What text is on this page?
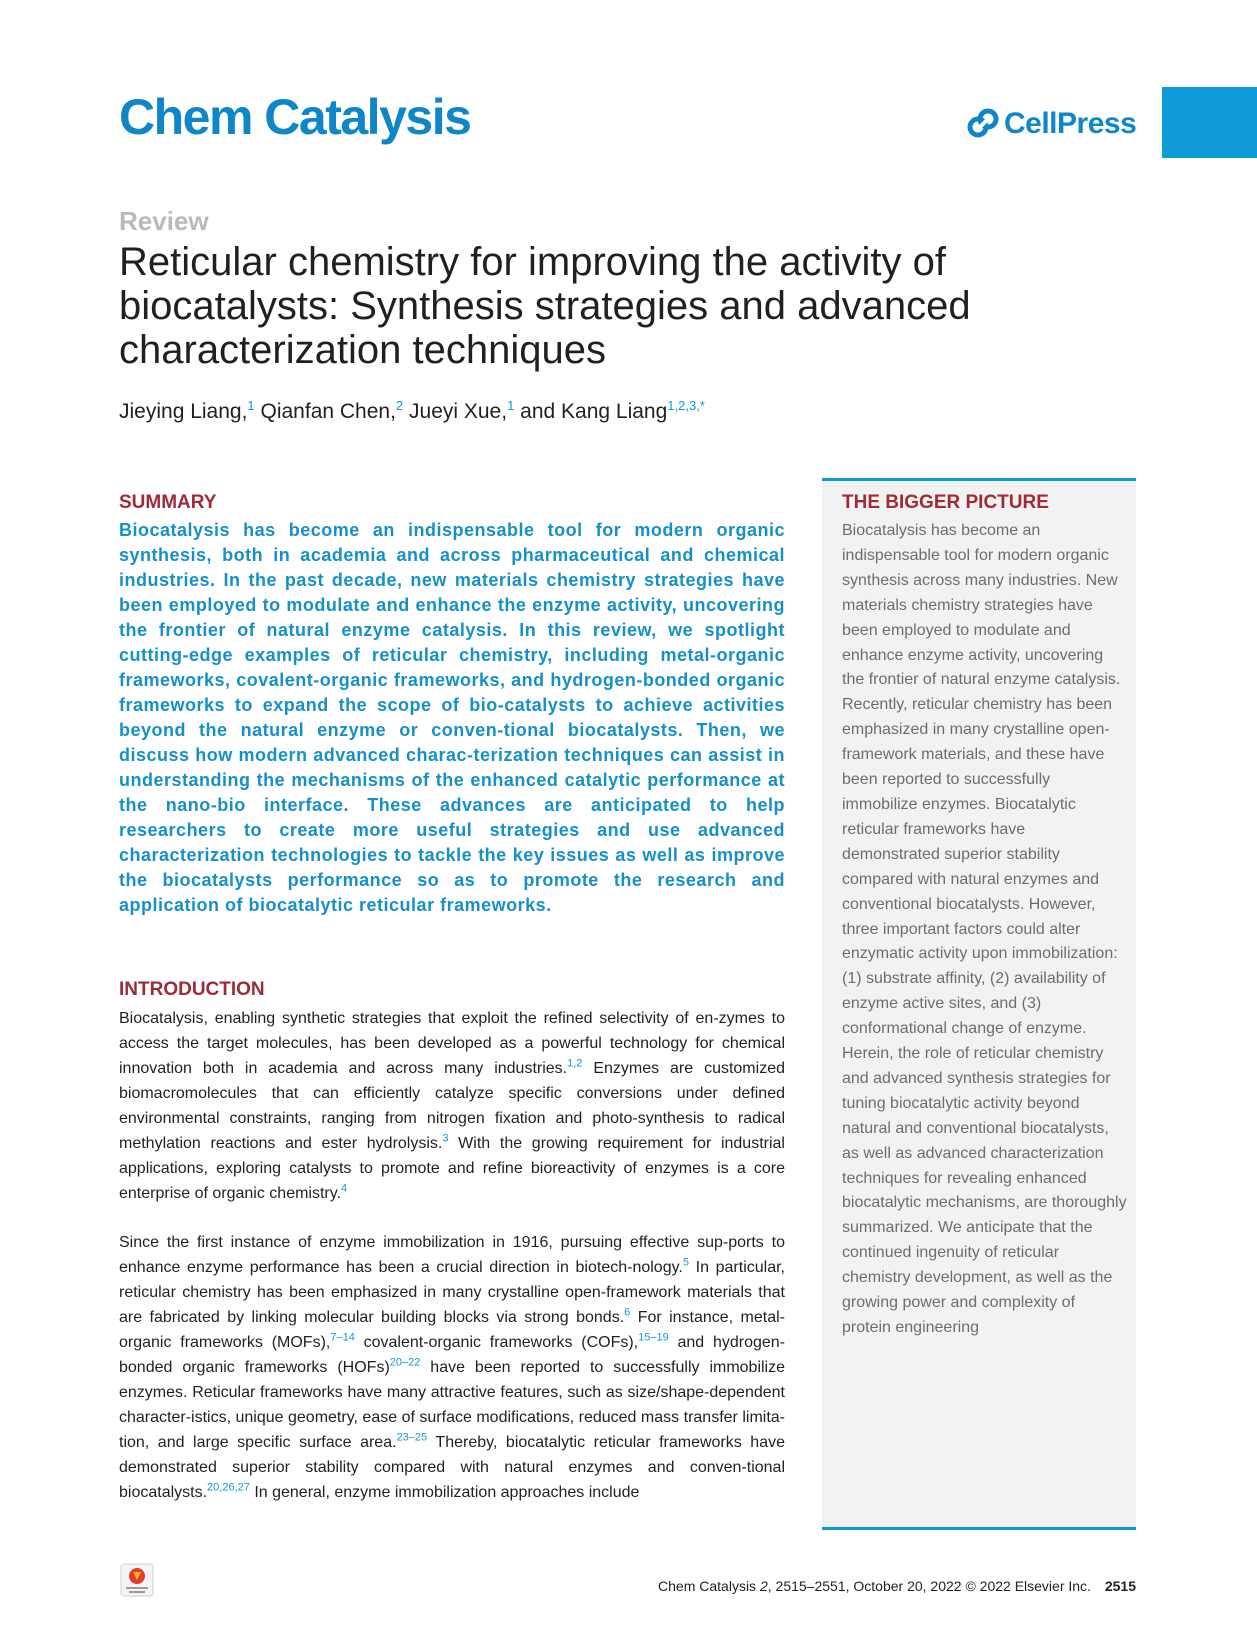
Chem Catalysis	CellPress
Review
Reticular chemistry for improving the activity of biocatalysts: Synthesis strategies and advanced characterization techniques
Jieying Liang,$^1$ Qianfan Chen,$^2$ Jueyi Xue,$^1$ and Kang Liang$^{1,2,3,*}$
SUMMARY

Biocatalysis has become an indispensable tool for modern organic synthesis, both in academia and across pharmaceutical and chemical industries. In the past decade, new materials chemistry strategies have been employed to modulate and enhance the enzyme activity, uncovering the frontier of natural enzyme catalysis. In this review, we spotlight cutting-edge examples of reticular chemistry, including metal-organic frameworks, covalent-organic frameworks, and hydrogen-bonded organic frameworks to expand the scope of bio-catalysts to achieve activities beyond the natural enzyme or conven-tional biocatalysts. Then, we discuss how modern advanced charac-terization techniques can assist in understanding the mechanisms of the enhanced catalytic performance at the nano-bio interface. These advances are anticipated to help researchers to create more useful strategies and use advanced characterization technologies to tackle the key issues as well as improve the biocatalysts performance so as to promote the research and application of biocatalytic reticular frameworks.

INTRODUCTION

Biocatalysis, enabling synthetic strategies that exploit the refined selectivity of en-zymes to access the target molecules, has been developed as a powerful technology for chemical innovation both in academia and across many industries.$^{1,2}$ Enzymes are customized biomacromolecules that can efficiently catalyze specific conversions under defined environmental constraints, ranging from nitrogen fixation and photo-synthesis to radical methylation reactions and ester hydrolysis.$^3$ With the growing requirement for industrial applications, exploring catalysts to promote and refine bioreactivity of enzymes is a core enterprise of organic chemistry.$^4$

Since the first instance of enzyme immobilization in 1916, pursuing effective sup-ports to enhance enzyme performance has been a crucial direction in biotech-nology.$^5$ In particular, reticular chemistry has been emphasized in many crystalline open-framework materials that are fabricated by linking molecular building blocks via strong bonds.$^6$ For instance, metal-organic frameworks (MOFs),$^{7-14}$ covalent-organic frameworks (COFs),$^{15-19}$ and hydrogen-bonded organic frameworks (HOFs)$^{20-22}$ have been reported to successfully immobilize enzymes. Reticular frameworks have many attractive features, such as size/shape-dependent character-istics, unique geometry, ease of surface modifications, reduced mass transfer limita-tion, and large specific surface area.$^{23-25}$ Thereby, biocatalytic reticular frameworks have demonstrated superior stability compared with natural enzymes and conven-tional biocatalysts.$^{20,26,27}$ In general, enzyme immobilization approaches include

THE BIGGER PICTURE

Biocatalysis has become an indispensable tool for modern organic synthesis across many industries. New materials chemistry strategies have been employed to modulate and enhance enzyme activity, uncovering the frontier of natural enzyme catalysis. Recently, reticular chemistry has been emphasized in many crystalline open-framework materials, and these have been reported to successfully immobilize enzymes. Biocatalytic reticular frameworks have demonstrated superior stability compared with natural enzymes and conventional biocatalysts. However, three important factors could alter enzymatic activity upon immobilization: (1) substrate affinity, (2) availability of enzyme active sites, and (3) conformational change of enzyme. Herein, the role of reticular chemistry and advanced synthesis strategies for tuning biocatalytic activity beyond natural and conventional biocatalysts, as well as advanced characterization techniques for revealing enhanced biocatalytic mechanisms, are thoroughly summarized. We anticipate that the continued ingenuity of reticular chemistry development, as well as the growing power and complexity of protein engineering

Chem Catalysis 2, 2515–2551, October 20, 2022 © 2022 Elsevier Inc. 2515
